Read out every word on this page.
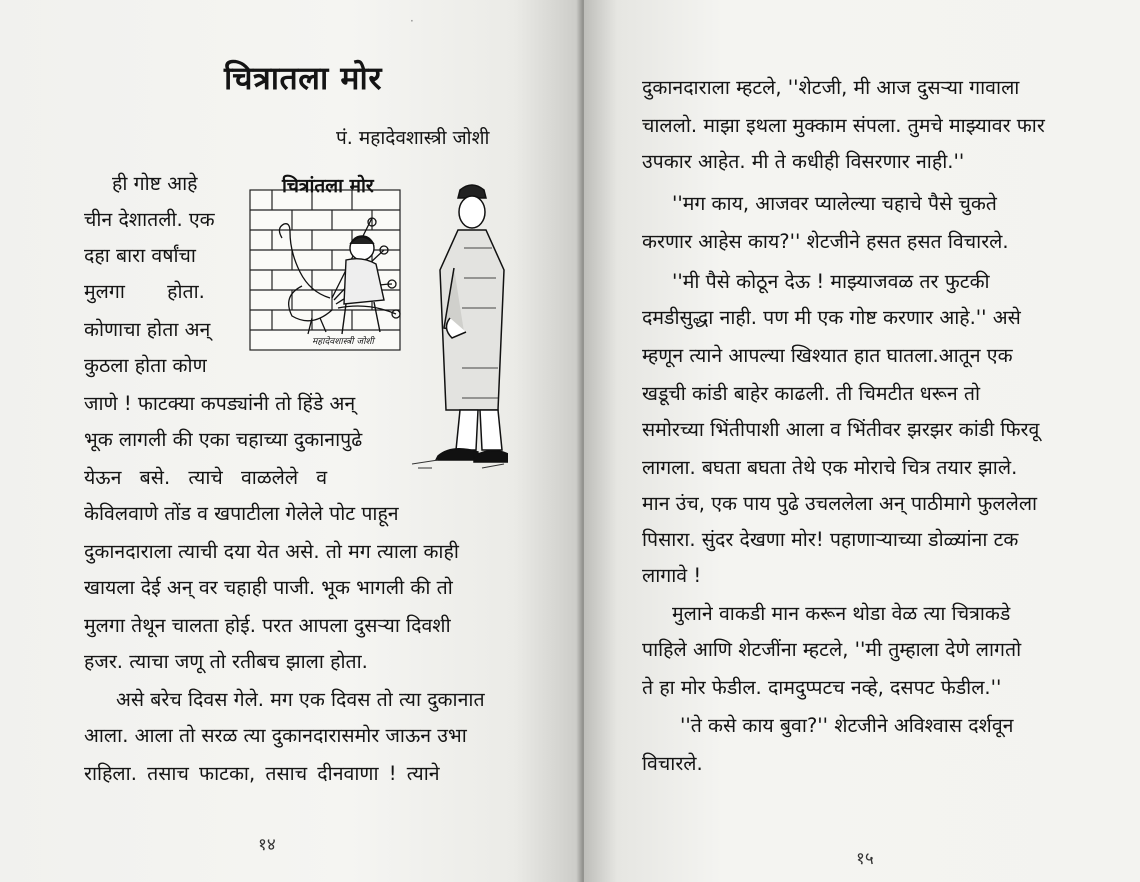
·
चित्रातला मोर
पं. महादेवशास्त्री जोशी
चित्रांतला मोर
महादेवशास्त्री जोशी
ही गोष्ट आहे
चीन देशातली. एक
दहा बारा वर्षांचा
मुलगा होता.
कोणाचा होता अन्
कुठला होता कोण
जाणे ! फाटक्या कपड्यांनी तो हिंडे अन्
भूक लागली की एका चहाच्या दुकानापुढे
येऊन बसे. त्याचे वाळलेले व
केविलवाणे तोंड व खपाटीला गेलेले पोट पाहून
दुकानदाराला त्याची दया येत असे. तो मग त्याला काही
खायला देई अन् वर चहाही पाजी. भूक भागली की तो
मुलगा तेथून चालता होई. परत आपला दुसऱ्या दिवशी
हजर. त्याचा जणू तो रतीबच झाला होता.
असे बरेच दिवस गेले. मग एक दिवस तो त्या दुकानात
आला. आला तो सरळ त्या दुकानदारासमोर जाऊन उभा
राहिला. तसाच फाटका, तसाच दीनवाणा ! त्याने
१४
दुकानदाराला म्हटले, ''शेटजी, मी आज दुसऱ्या गावाला
चाललो. माझा इथला मुक्काम संपला. तुमचे माझ्यावर फार
उपकार आहेत. मी ते कधीही विसरणार नाही.''
''मग काय, आजवर प्यालेल्या चहाचे पैसे चुकते
करणार आहेस काय?'' शेटजीने हसत हसत विचारले.
''मी पैसे कोठून देऊ ! माझ्याजवळ तर फुटकी
दमडीसुद्धा नाही. पण मी एक गोष्ट करणार आहे.'' असे
म्हणून त्याने आपल्या खिश्यात हात घातला.आतून एक
खडूची कांडी बाहेर काढली. ती चिमटीत धरून तो
समोरच्या भिंतीपाशी आला व भिंतीवर झरझर कांडी फिरवू
लागला. बघता बघता तेथे एक मोराचे चित्र तयार झाले.
मान उंच, एक पाय पुढे उचललेला अन् पाठीमागे फुललेला
पिसारा. सुंदर देखणा मोर! पहाणाऱ्याच्या डोळ्यांना टक
लागावे !
मुलाने वाकडी मान करून थोडा वेळ त्या चित्राकडे
पाहिले आणि शेटजींना म्हटले, ''मी तुम्हाला देणे लागतो
ते हा मोर फेडील. दामदुप्पटच नव्हे, दसपट फेडील.''
''ते कसे काय बुवा?'' शेटजीने अविश्वास दर्शवून
विचारले.
१५
